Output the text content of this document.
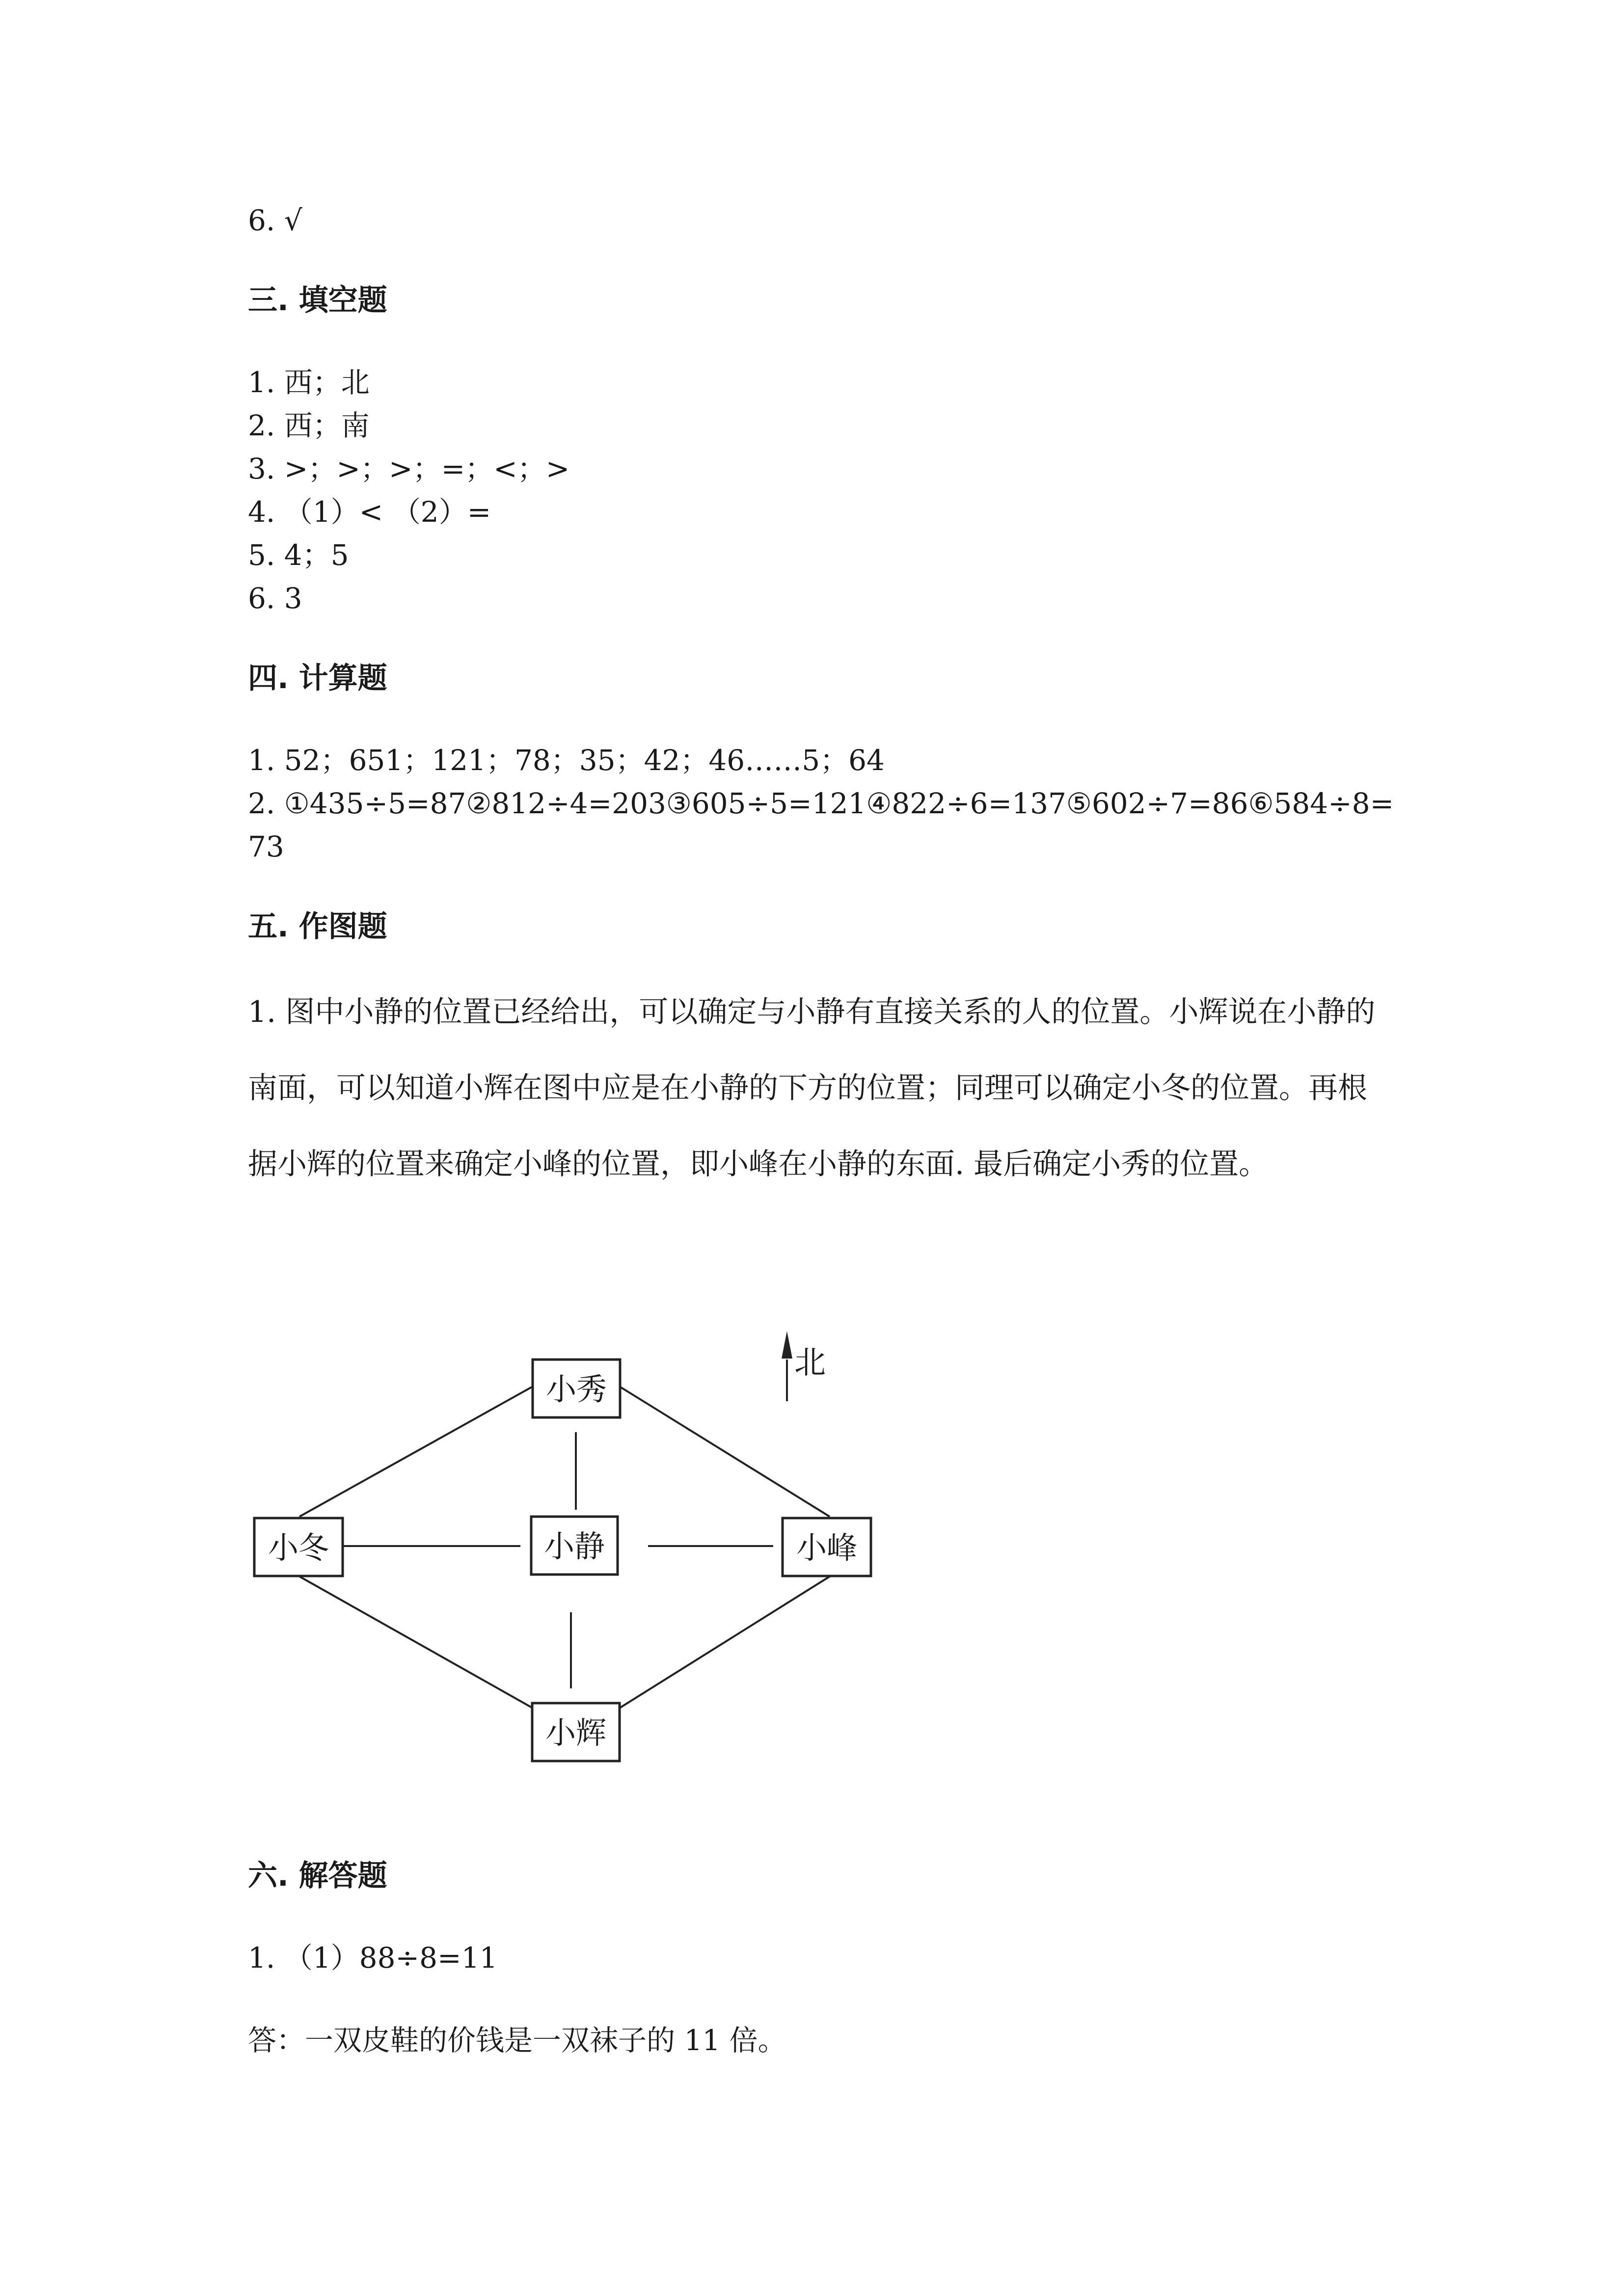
6. √
三. 填空题
1. 西；北
2. 西；南
3. >；>；>；=；<；>
4. （1）< （2）=
5. 4；5
6. 3
四. 计算题
1. 52；651；121；78；35；42；46……5；64
2. ①435÷5=87②812÷4=203③605÷5=121④822÷6=137⑤602÷7=86⑥584÷8=
73
五. 作图题
1. 图中小静的位置已经给出，可以确定与小静有直接关系的人的位置。小辉说在小静的南面，可以知道小辉在图中应是在小静的下方的位置；同理可以确定小冬的位置。再根据小辉的位置来确定小峰的位置，即小峰在小静的东面. 最后确定小秀的位置。
北
小秀
小冬	小静	小峰
小辉
六. 解答题
1. （1）88÷8=11
答：一双皮鞋的价钱是一双袜子的 11 倍。
